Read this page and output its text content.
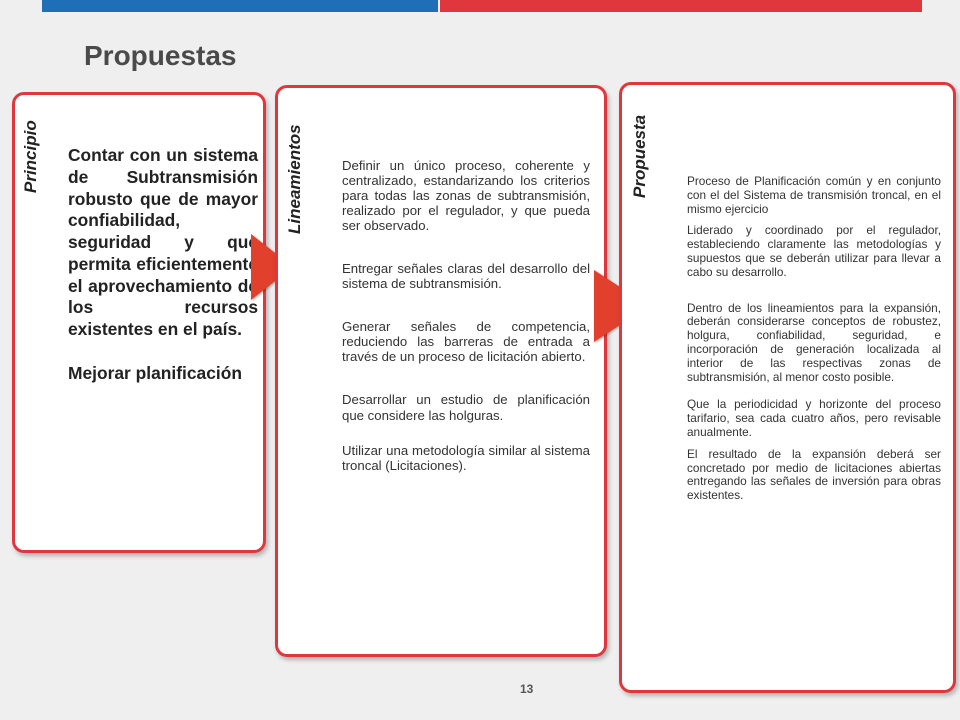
Propuestas
Principio Contar con un sistema de Subtransmisión robusto que de mayor confiabilidad, seguridad y que permita eficientemente el aprovechamiento de los recursos existentes en el país.

Mejorar planificación

Lineamientos	Definir un único proceso, coherente y centralizado, estandarizando los criterios para todas las zonas de subtransmisión, realizado por el regulador, y que pueda ser observado.

Entregar señales claras del desarrollo del sistema de subtransmisión.

Generar señales de competencia, reduciendo las barreras de entrada a través de un proceso de licitación abierto.

Desarrollar un estudio de planificación que considere las holguras.

Utilizar una metodología similar al sistema troncal (Licitaciones).

Propuesta	Proceso de Planificación común y en conjunto con el del Sistema de transmisión troncal, en el mismo ejercicio

Liderado y coordinado por el regulador, estableciendo claramente las metodologías y supuestos que se deberán utilizar para llevar a cabo su desarrollo.

Dentro de los lineamientos para la expansión, deberán considerarse conceptos de robustez, holgura, confiabilidad, seguridad, e incorporación de generación localizada al interior de las respectivas zonas de subtransmisión, al menor costo posible.

Que la periodicidad y horizonte del proceso tarifario, sea cada cuatro años, pero revisable anualmente.

El resultado de la expansión deberá ser concretado por medio de licitaciones abiertas entregando las señales de inversión para obras existentes.

13
